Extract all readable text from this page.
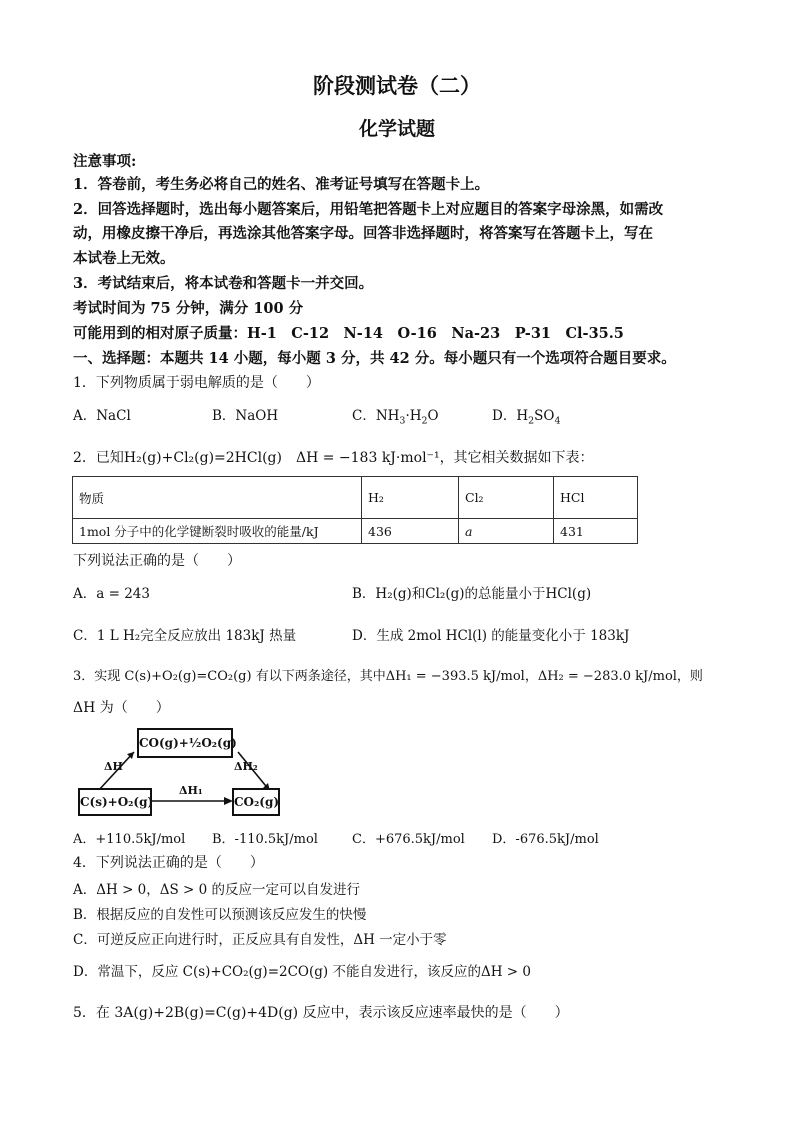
阶段测试卷（二）
化学试题
注意事项:
1．答卷前，考生务必将自己的姓名、准考证号填写在答题卡上。
2．回答选择题时，选出每小题答案后，用铅笔把答题卡上对应题目的答案字母涂黑，如需改
动，用橡皮擦干净后，再选涂其他答案字母。回答非选择题时，将答案写在答题卡上，写在
本试卷上无效。
3．考试结束后，将本试卷和答题卡一并交回。
考试时间为 75 分钟，满分 100 分
可能用到的相对原子质量：H-1　C-12　N-14　O-16　Na-23　P-31　Cl-35.5
一、选择题：本题共 14 小题，每小题 3 分，共 42 分。每小题只有一个选项符合题目要求。
1．下列物质属于弱电解质的是（　　）
A．NaCl	B．NaOH	C．$NH_3\cdot H_2O$	D．$H_2SO_4$
2．已知H₂(g)+Cl₂(g)=2HCl(g)　 ΔH = −183 kJ·mol⁻¹，其它相关数据如下表：
物质	H₂	Cl₂	HCl
1mol 分子中的化学键断裂时吸收的能量/kJ	436	a	431
下列说法正确的是（　　）
A．a = 243	B．H₂(g)和Cl₂(g)的总能量小于HCl(g)
C．1 L H₂完全反应放出 183kJ 热量	D．生成 2mol HCl(l) 的能量变化小于 183kJ
3．实现 C(s)+O₂(g)=CO₂(g) 有以下两条途径，其中ΔH₁ = −393.5 kJ/mol，ΔH₂ = −283.0 kJ/mol，则
ΔH 为（　　）
CO(g)+½O₂(g)
C(s)+O₂(g)	CO₂(g)
ΔH	ΔH₂
ΔH₁
A．+110.5kJ/mol B．-110.5kJ/mol	C．+676.5kJ/mol D．-676.5kJ/mol
4．下列说法正确的是（　　）
A．ΔH > 0，ΔS > 0 的反应一定可以自发进行
B．根据反应的自发性可以预测该反应发生的快慢
C．可逆反应正向进行时，正反应具有自发性，ΔH 一定小于零
D．常温下，反应 C(s)+CO₂(g)=2CO(g) 不能自发进行，该反应的ΔH > 0
5．在 3A(g)+2B(g)=C(g)+4D(g) 反应中，表示该反应速率最快的是（　　）
